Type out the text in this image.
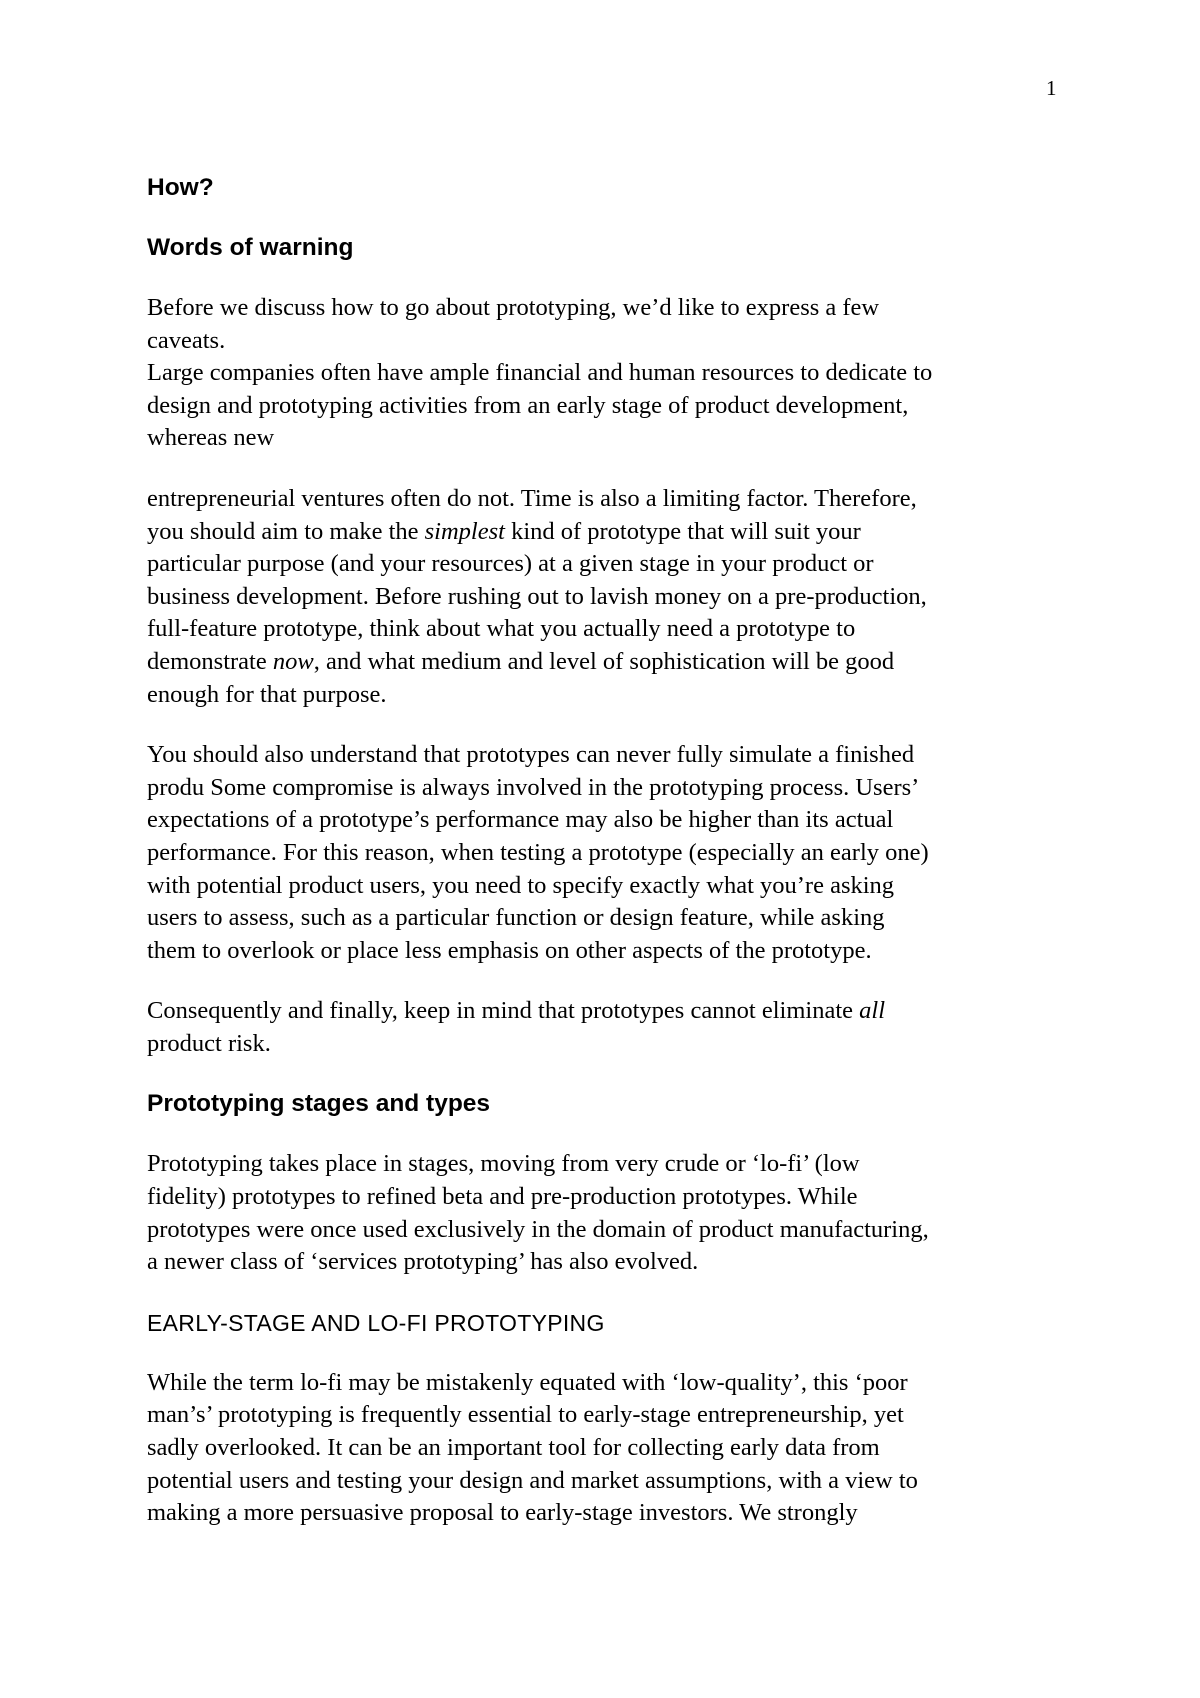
1
How?
Words of warning

Before we discuss how to go about prototyping, we’d like to express a few
caveats.

Large companies often have ample financial and human resources to dedicate to
design and prototyping activities from an early stage of product development,
whereas new

entrepreneurial ventures often do not. Time is also a limiting factor. Therefore,
you should aim to make the simplest kind of prototype that will suit your
particular purpose (and your resources) at a given stage in your product or
business development. Before rushing out to lavish money on a pre-production,
full-feature prototype, think about what you actually need a prototype to
demonstrate now, and what medium and level of sophistication will be good
enough for that purpose.

You should also understand that prototypes can never fully simulate a finished
produ Some compromise is always involved in the prototyping process. Users’
expectations of a prototype’s performance may also be higher than its actual
performance. For this reason, when testing a prototype (especially an early one)
with potential product users, you need to specify exactly what you’re asking
users to assess, such as a particular function or design feature, while asking
them to overlook or place less emphasis on other aspects of the prototype.

Consequently and finally, keep in mind that prototypes cannot eliminate all
product risk.

Prototyping stages and types

Prototyping takes place in stages, moving from very crude or ‘lo-fi’ (low
fidelity) prototypes to refined beta and pre-production prototypes. While
prototypes were once used exclusively in the domain of product manufacturing,
a newer class of ‘services prototyping’ has also evolved.

EARLY-STAGE AND LO-FI PROTOTYPING

While the term lo-fi may be mistakenly equated with ‘low-quality’, this ‘poor
man’s’ prototyping is frequently essential to early-stage entrepreneurship, yet
sadly overlooked. It can be an important tool for collecting early data from
potential users and testing your design and market assumptions, with a view to
making a more persuasive proposal to early-stage investors. We strongly
